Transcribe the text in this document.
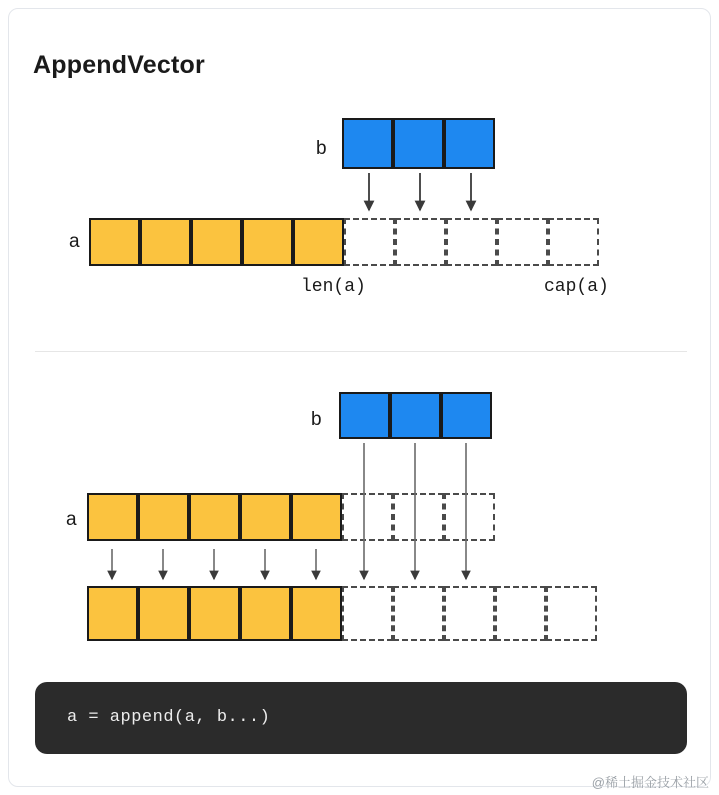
AppendVector
b
a
len(a)	cap(a)
b
a
a = append(a, b...)
@稀土掘金技术社区
